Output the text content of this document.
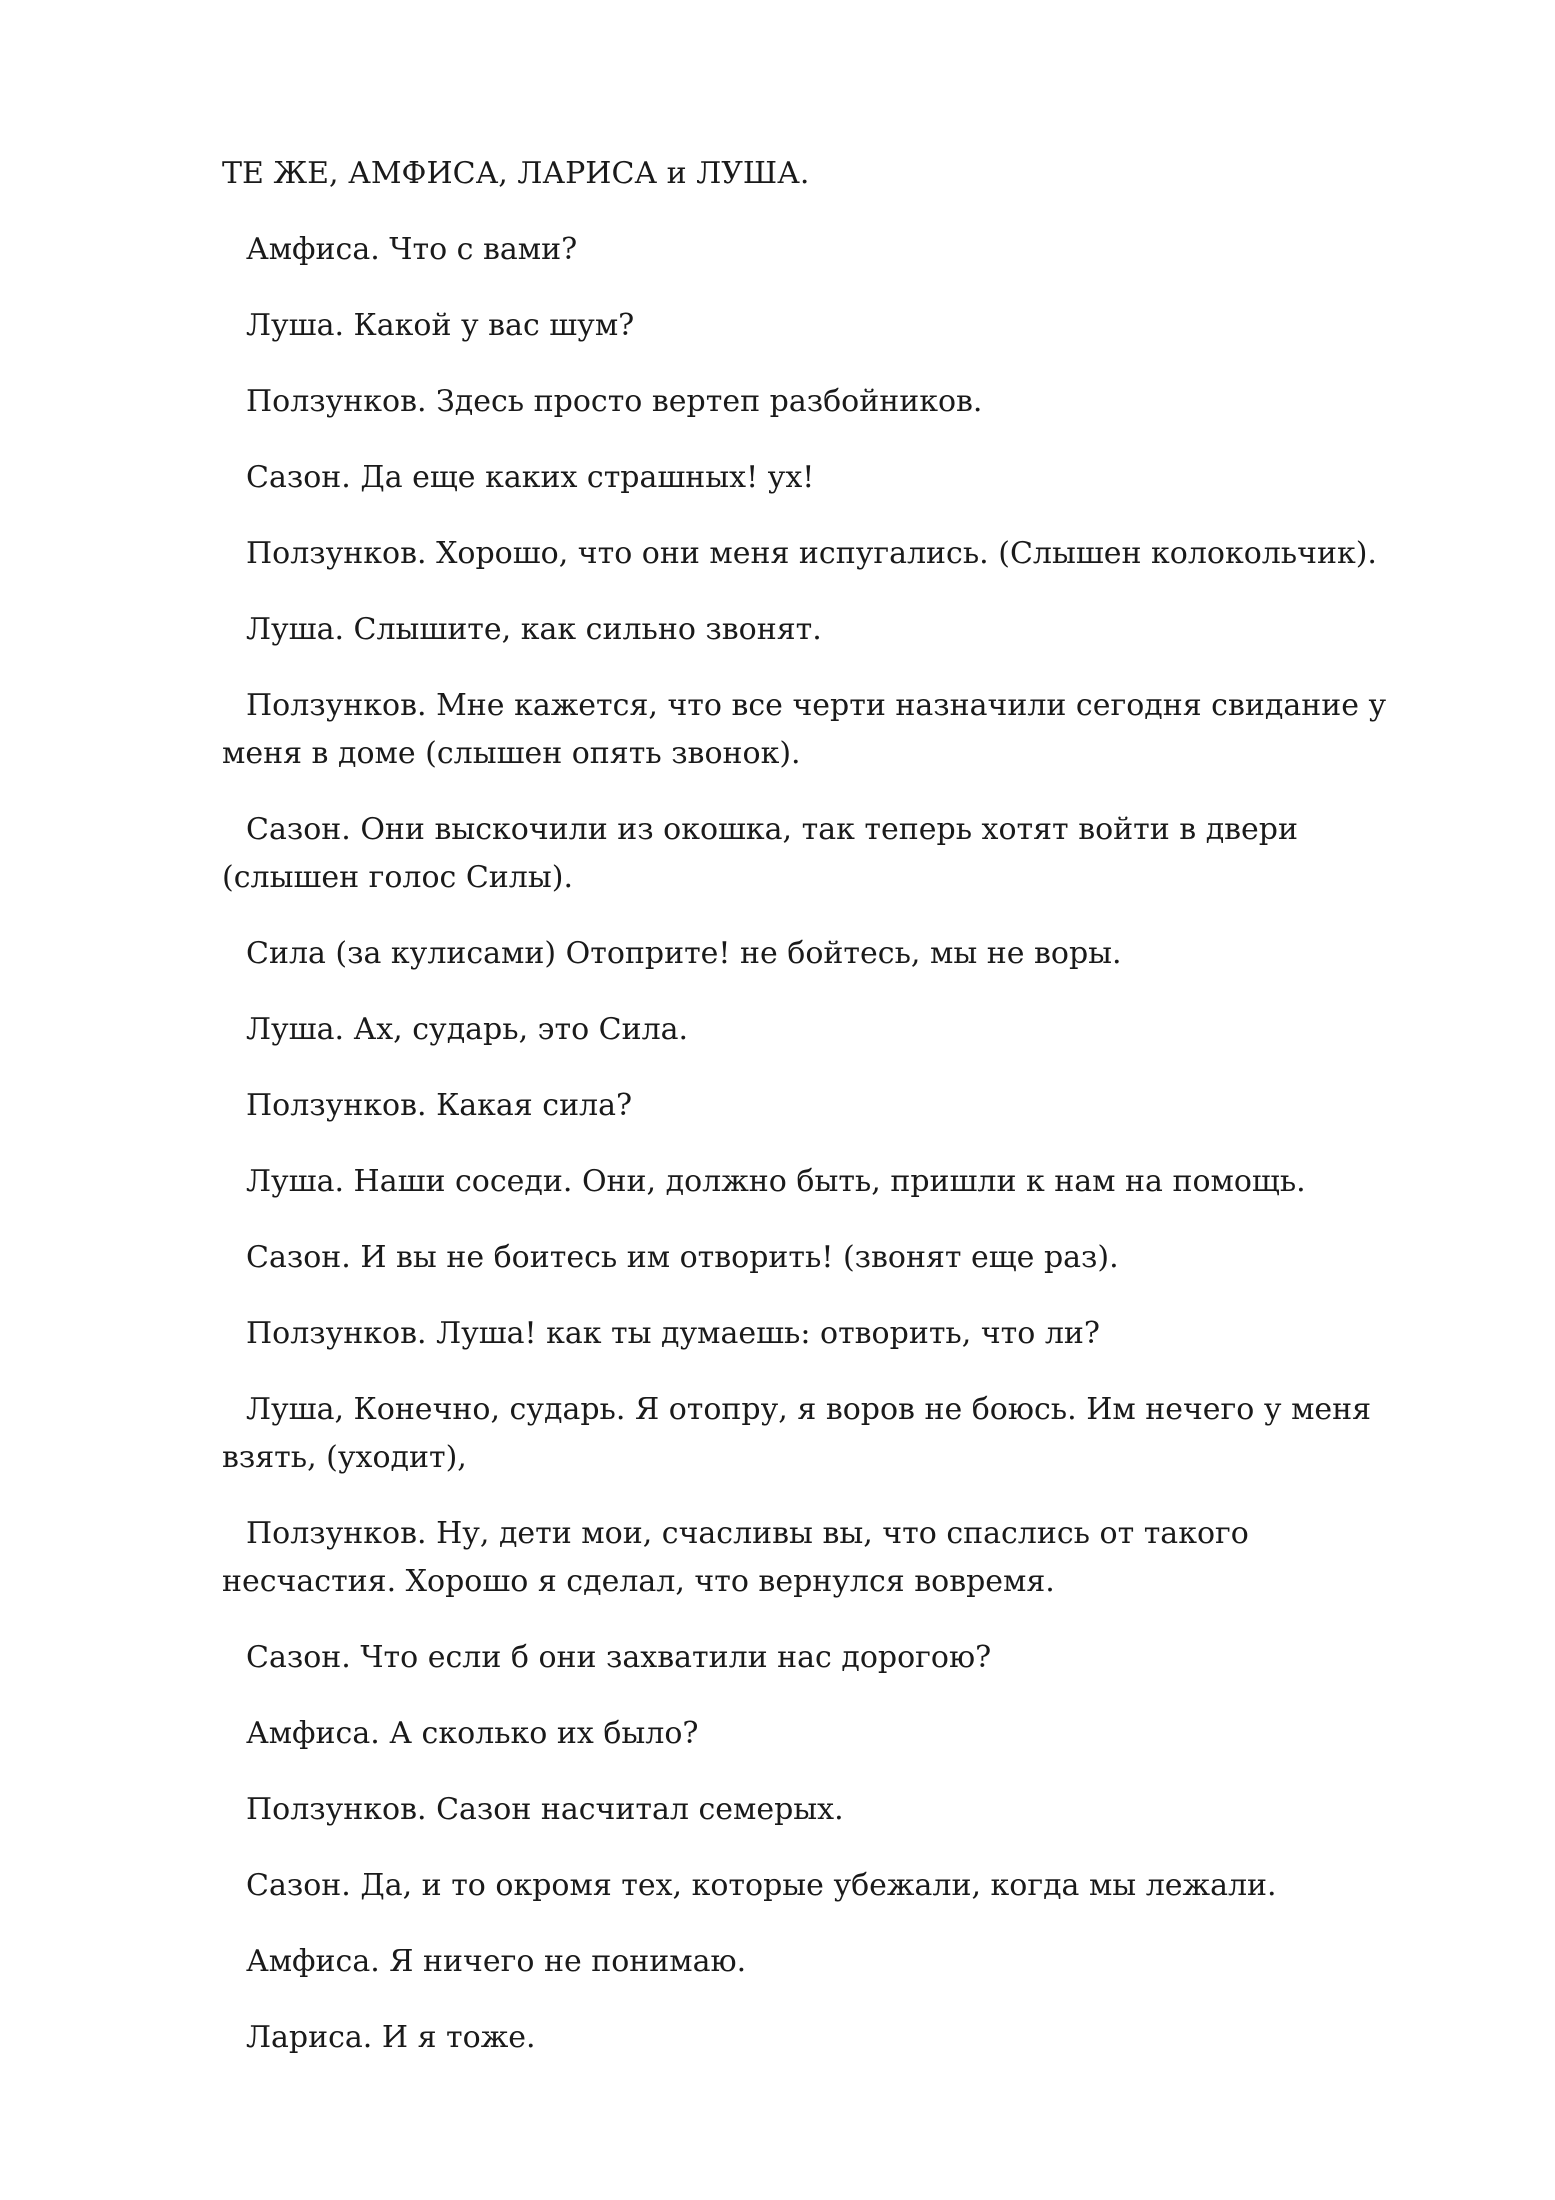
ТЕ ЖЕ, АМФИСА, ЛАРИСА и ЛУША.

Амфиса. Что с вами?

Луша. Какой у вас шум?

Ползунков. Здесь просто вертеп разбойников.

Сазон. Да еще каких страшных! ух!

Ползунков. Хорошо, что они меня испугались. (Слышен колокольчик).

Луша. Слышите, как сильно звонят.

Ползунков. Мне кажется, что все черти назначили сегодня свидание у меня в доме (слышен опять звонок).

Сазон. Они выскочили из окошка, так теперь хотят войти в двери (слышен голос Силы).

Сила (за кулисами) Отоприте! не бойтесь, мы не воры.

Луша. Ах, сударь, это Сила.

Ползунков. Какая сила?

Луша. Наши соседи. Они, должно быть, пришли к нам на помощь.

Сазон. И вы не боитесь им отворить! (звонят еще раз).

Ползунков. Луша! как ты думаешь: отворить, что ли?

Луша, Конечно, сударь. Я отопру, я воров не боюсь. Им нечего у меня взять, (уходит),

Ползунков. Ну, дети мои, счасливы вы, что спаслись от такого несчастия. Хорошо я сделал, что вернулся вовремя.

Сазон. Что если б они захватили нас дорогою?

Амфиса. А сколько их было?

Ползунков. Сазон насчитал семерых.

Сазон. Да, и то окромя тех, которые убежали, когда мы лежали.

Амфиса. Я ничего не понимаю.

Лариса. И я тоже.
